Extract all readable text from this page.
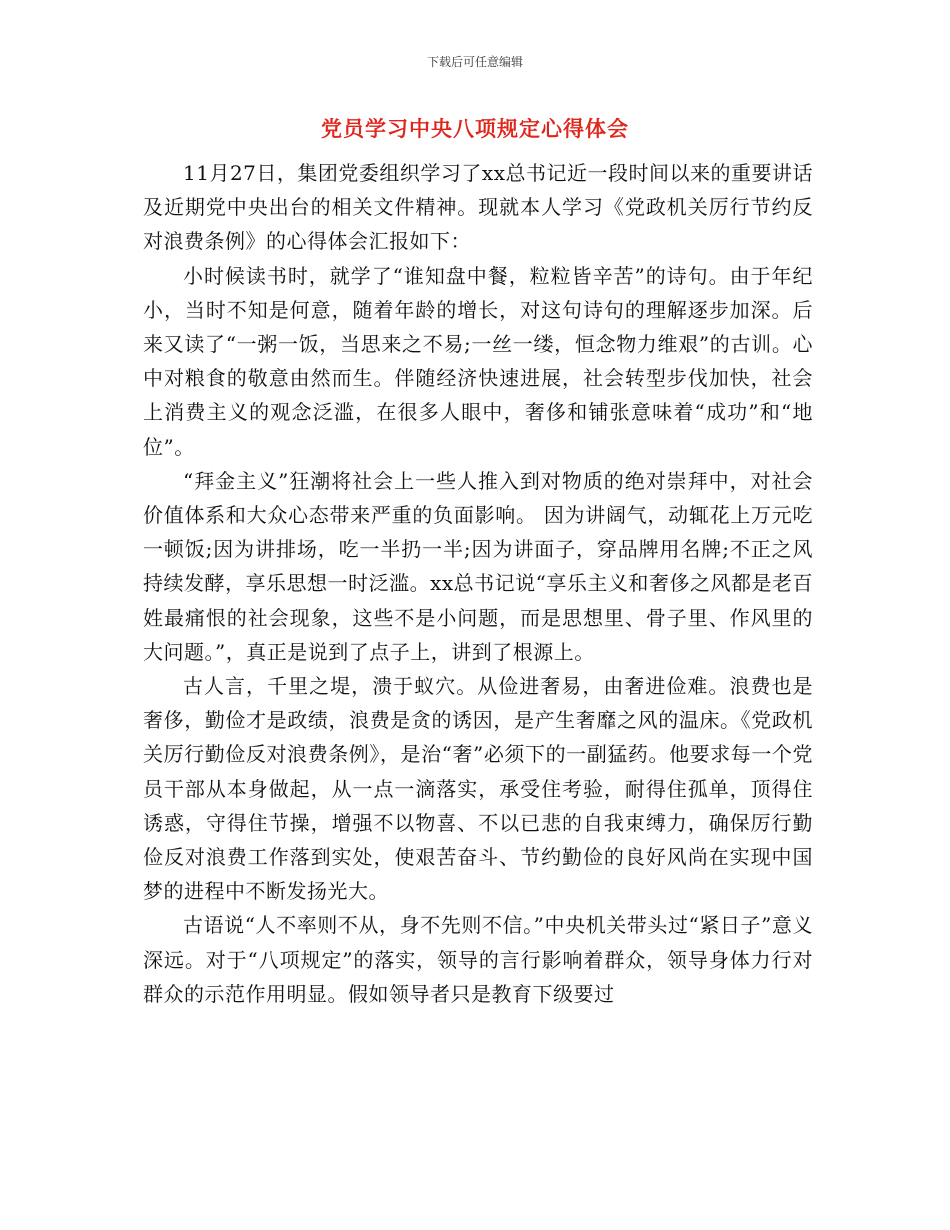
下载后可任意编辑
党员学习中央八项规定心得体会

11月27日，集团党委组织学习了xx总书记近一段时间以来的重要讲话及近期党中央出台的相关文件精神。现就本人学习《党政机关厉行节约反对浪费条例》的心得体会汇报如下：

小时候读书时，就学了“谁知盘中餐，粒粒皆辛苦”的诗句。由于年纪小，当时不知是何意，随着年龄的增长，对这句诗句的理解逐步加深。后来又读了“一粥一饭，当思来之不易;一丝一缕，恒念物力维艰”的古训。心中对粮食的敬意由然而生。伴随经济快速进展，社会转型步伐加快，社会上消费主义的观念泛滥，在很多人眼中，奢侈和铺张意味着“成功”和“地位”。

“拜金主义”狂潮将社会上一些人推入到对物质的绝对崇拜中，对社会价值体系和大众心态带来严重的负面影响。 因为讲阔气，动辄花上万元吃一顿饭;因为讲排场，吃一半扔一半;因为讲面子，穿品牌用名牌;不正之风持续发酵，享乐思想一时泛滥。xx总书记说“享乐主义和奢侈之风都是老百姓最痛恨的社会现象，这些不是小问题，而是思想里、骨子里、作风里的大问题。”，真正是说到了点子上，讲到了根源上。

古人言，千里之堤，溃于蚁穴。从俭进奢易，由奢进俭难。浪费也是奢侈，勤俭才是政绩，浪费是贪的诱因，是产生奢靡之风的温床。《党政机关厉行勤俭反对浪费条例》，是治“奢”必须下的一副猛药。他要求每一个党员干部从本身做起，从一点一滴落实，承受住考验，耐得住孤单，顶得住诱惑，守得住节操，增强不以物喜、不以已悲的自我束缚力，确保厉行勤俭反对浪费工作落到实处，使艰苦奋斗、节约勤俭的良好风尚在实现中国梦的进程中不断发扬光大。

古语说“人不率则不从，身不先则不信。”中央机关带头过“紧日子”意义深远。对于“八项规定”的落实，领导的言行影响着群众，领导身体力行对群众的示范作用明显。假如领导者只是教育下级要过
